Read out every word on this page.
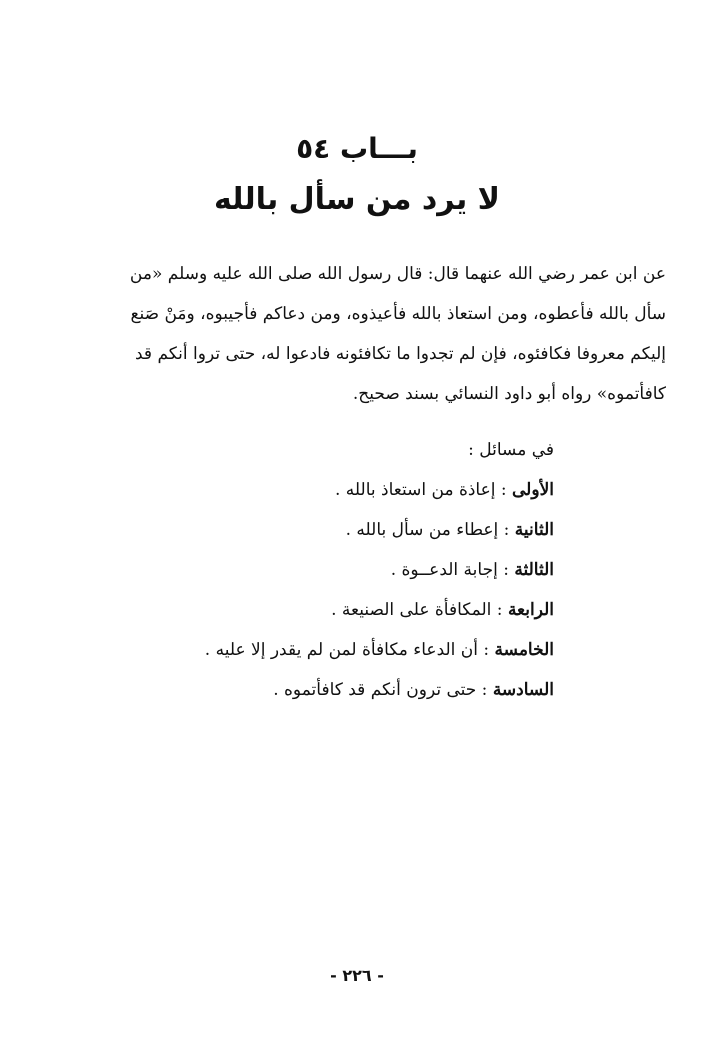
بـــاب ٥٤
لا يرد من سأل بالله

عن ابن عمر رضي الله عنهما قال: قال رسول الله صلى الله عليه وسلم «من

سأل بالله فأعطوه، ومن استعاذ بالله فأعيذوه، ومن دعاكم فأجيبوه، ومَنْ صَنع

إليكم معروفا فكافئوه، فإن لم تجدوا ما تكافئونه فادعوا له، حتى تروا أنكم قد

كافأتموه» رواه أبو داود النسائي بسند صحيح.

في مسائل :
الأولى : إعاذة من استعاذ بالله .
الثانية : إعطاء من سأل بالله .
الثالثة : إجابة الدعــوة .
الرابعة : المكافأة على الصنيعة .
الخامسة : أن الدعاء مكافأة لمن لم يقدر إلا عليه .
السادسة : حتى ترون أنكم قد كافأتموه .
- ٢٢٦ -
